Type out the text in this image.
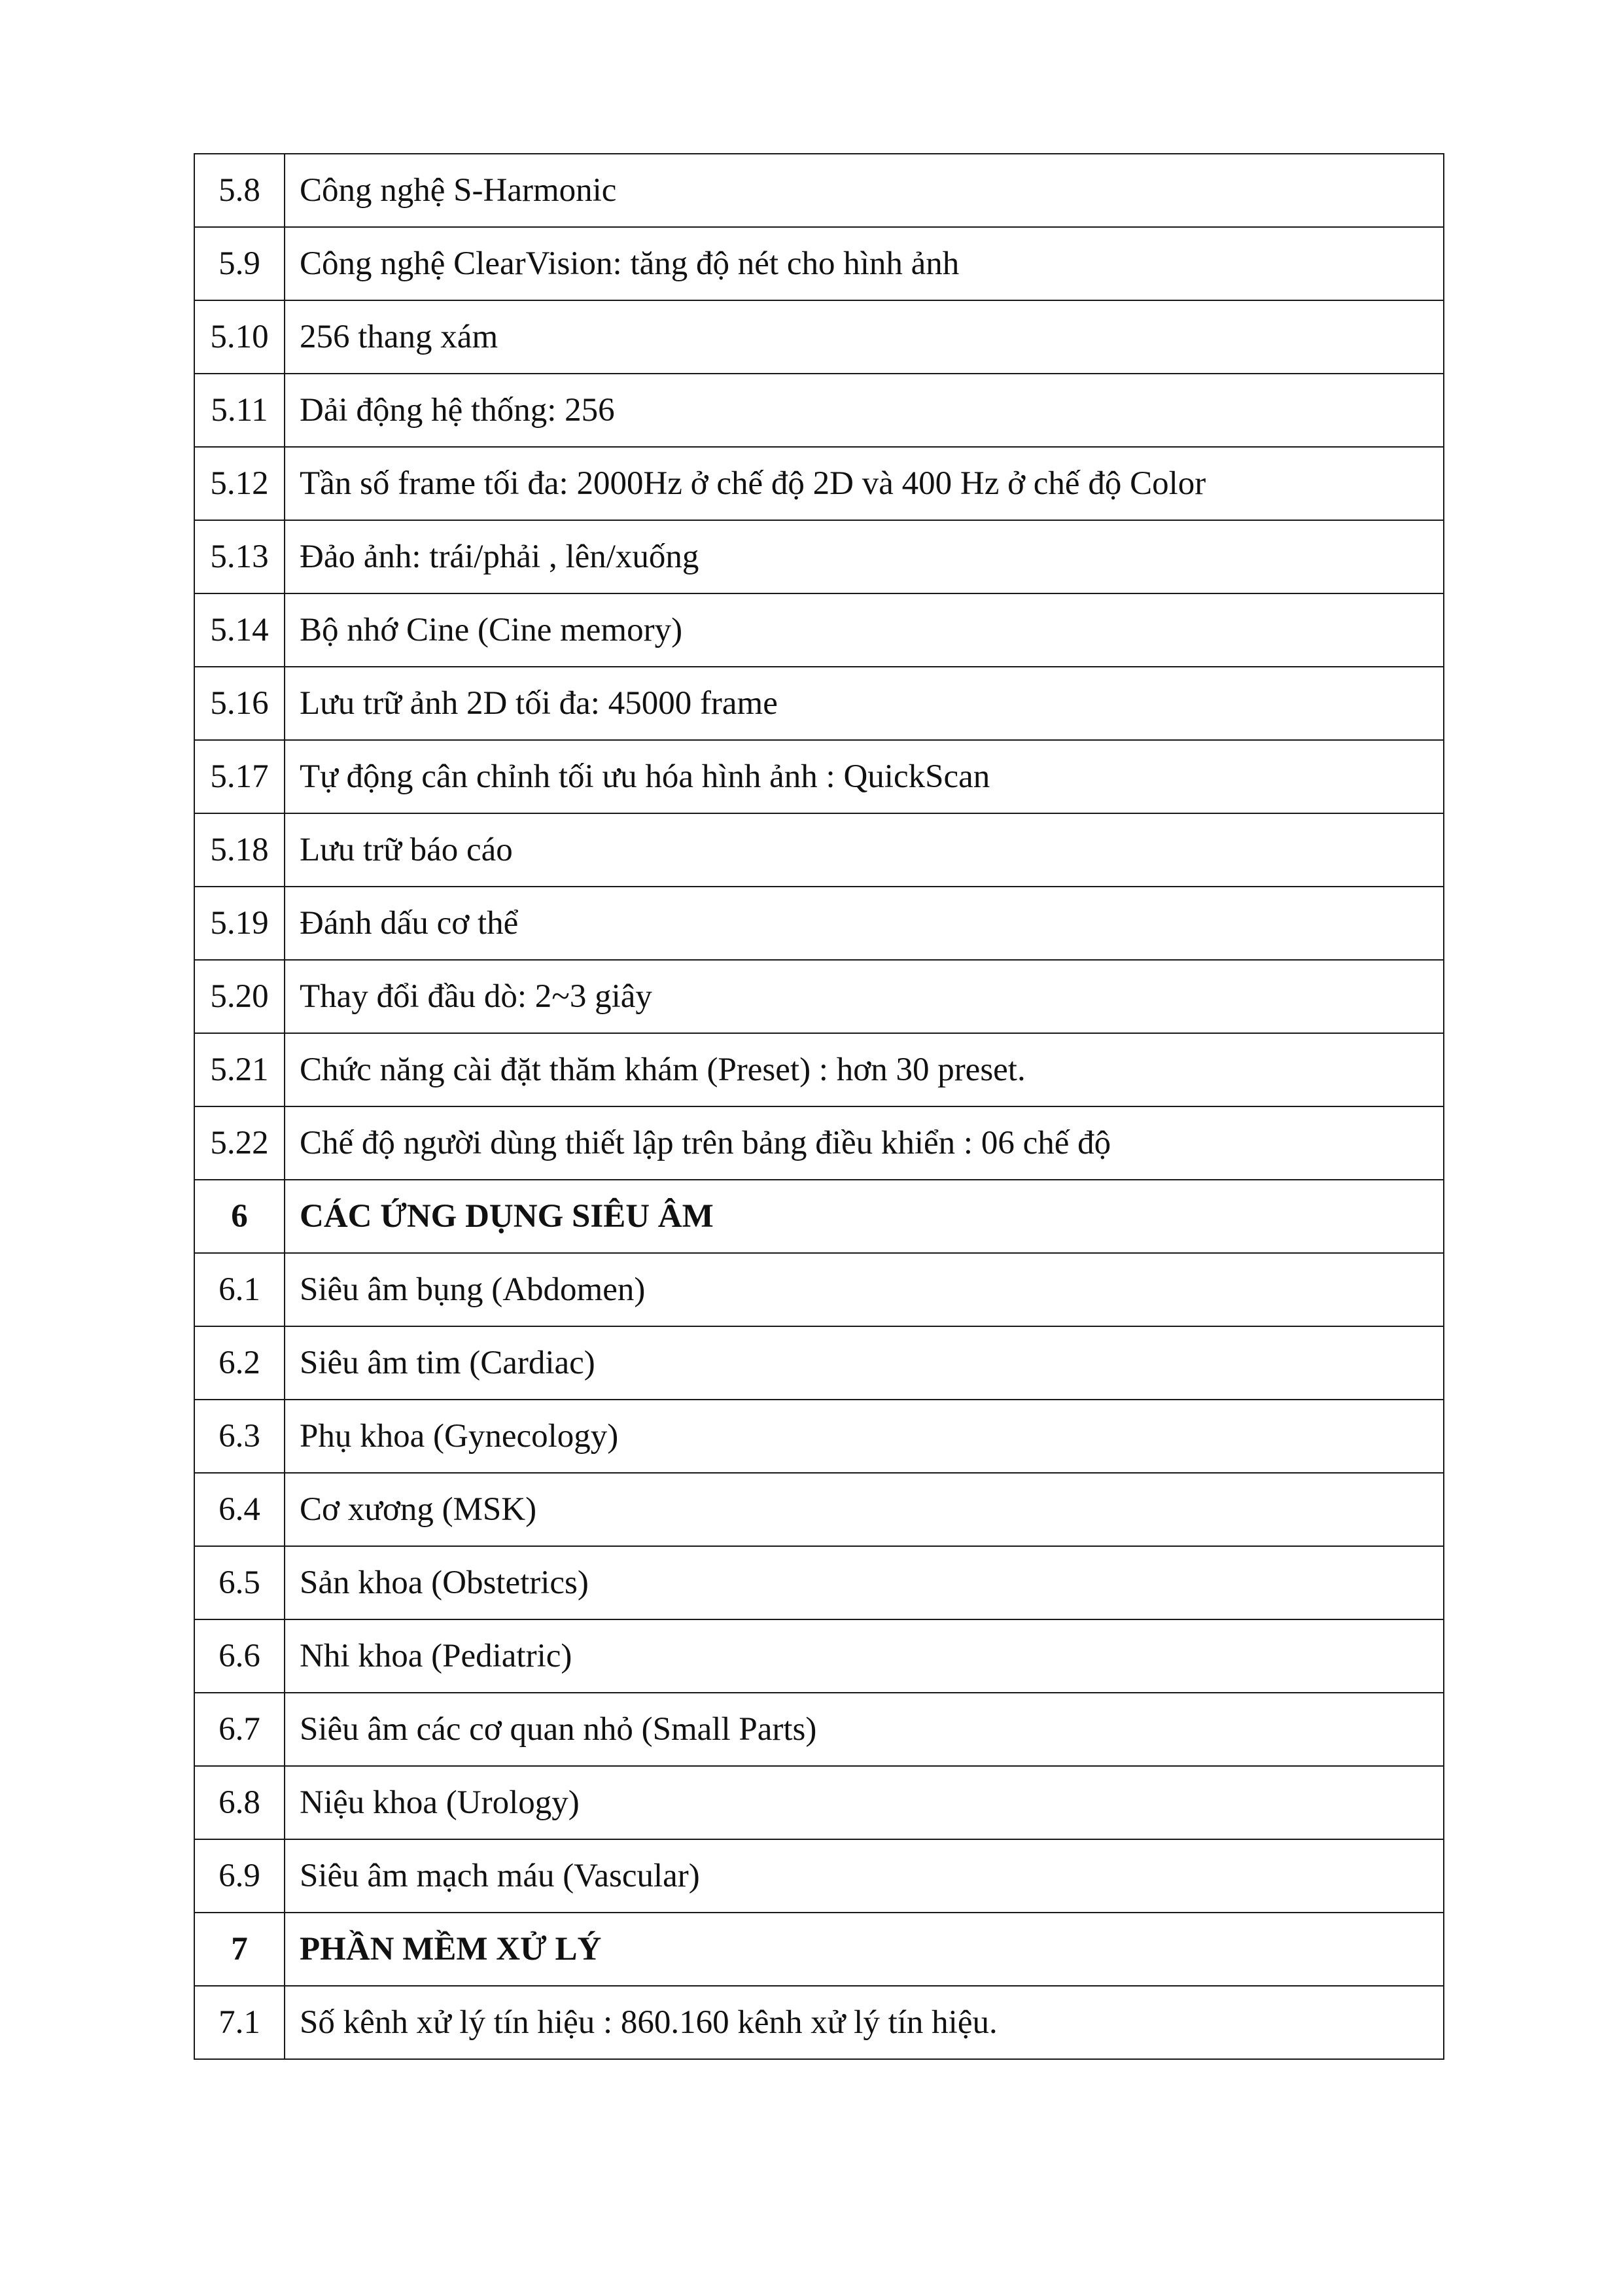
5.8	Công nghệ S-Harmonic
5.9	Công nghệ ClearVision: tăng độ nét cho hình ảnh
5.10	256 thang xám
5.11	Dải động hệ thống: 256
5.12	Tần số frame tối đa: 2000Hz ở chế độ 2D và 400 Hz ở chế độ Color
5.13	Đảo ảnh: trái/phải , lên/xuống
5.14	Bộ nhớ Cine (Cine memory)
5.16	Lưu trữ ảnh 2D tối đa: 45000 frame
5.17	Tự động cân chỉnh tối ưu hóa hình ảnh : QuickScan
5.18	Lưu trữ báo cáo
5.19	Đánh dấu cơ thể
5.20	Thay đổi đầu dò: 2~3 giây
5.21	Chức năng cài đặt thăm khám (Preset) : hơn 30 preset.
5.22	Chế độ người dùng thiết lập trên bảng điều khiển : 06 chế độ
6	CÁC ỨNG DỤNG SIÊU ÂM
6.1	Siêu âm bụng (Abdomen)
6.2	Siêu âm tim (Cardiac)
6.3	Phụ khoa (Gynecology)
6.4	Cơ xương (MSK)
6.5	Sản khoa (Obstetrics)
6.6	Nhi khoa (Pediatric)
6.7	Siêu âm các cơ quan nhỏ (Small Parts)
6.8	Niệu khoa (Urology)
6.9	Siêu âm mạch máu (Vascular)
7	PHẦN MỀM XỬ LÝ
7.1	Số kênh xử lý tín hiệu : 860.160 kênh xử lý tín hiệu.
